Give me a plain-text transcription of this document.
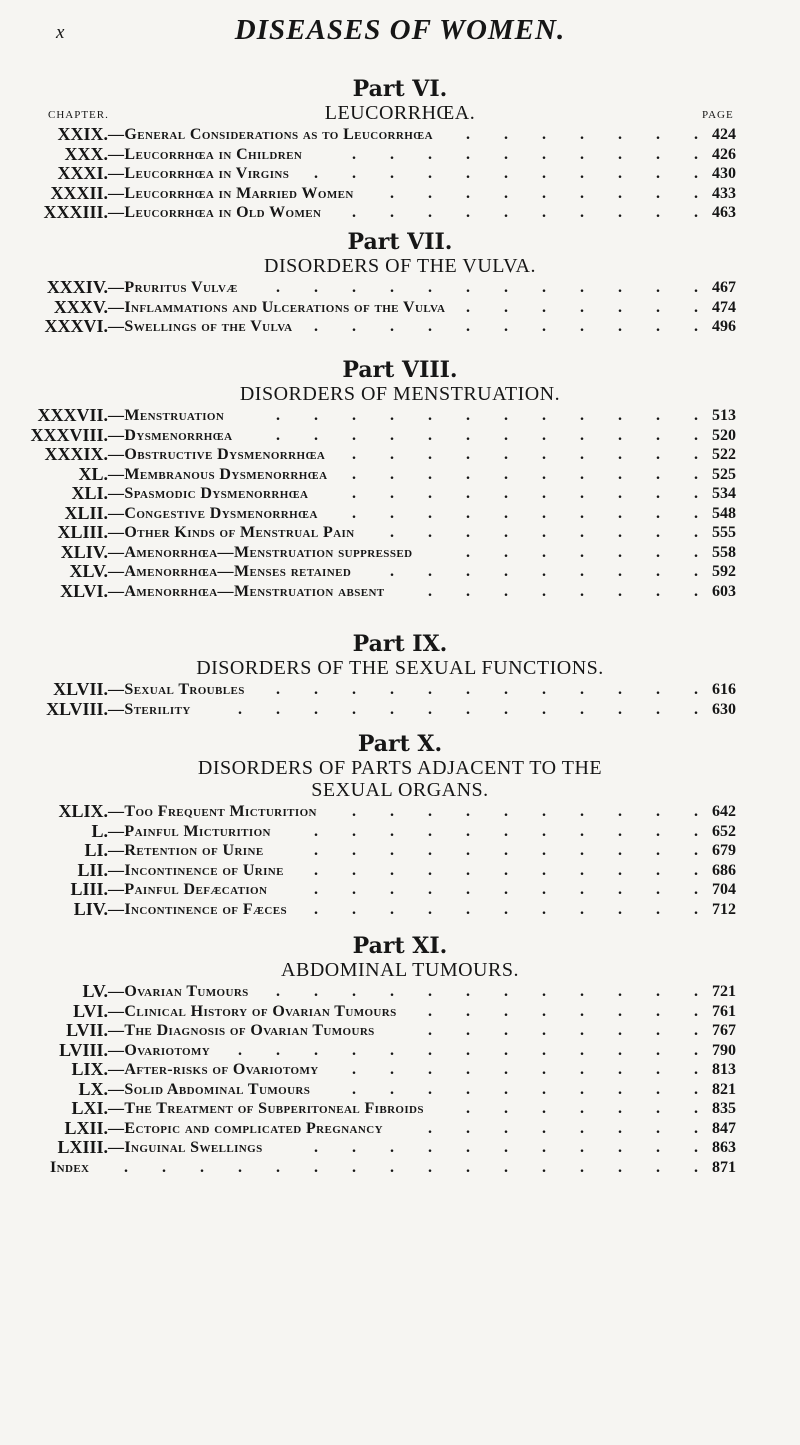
x	DISEASES OF WOMEN.
Part VI.
LEUCORRHŒA.
CHAPTER.	PAGE
XXIX. —General Considerations as to Leucorrhœa	424
. . . . . . .
XXX. —Leucorrhœa in Children	426
. . . . . . . . . .
XXXI. —Leucorrhœa in Virgins	430
. . . . . . . . . . .
XXXII. —Leucorrhœa in Married Women	433
. . . . . . . . .
XXXIII. —Leucorrhœa in Old Women	463
. . . . . . . . . .
Part VII.
DISORDERS OF THE VULVA.
XXXIV. —Pruritus Vulvæ	467
. . . . . . . . . . . .
XXXV. —Inflammations and Ulcerations of the Vulva	474
. . . . . . .
XXXVI. —Swellings of the Vulva	496
. . . . . . . . . . .
Part VIII.
DISORDERS OF MENSTRUATION.
XXXVII. —Menstruation	513
. . . . . . . . . . . .
XXXVIII. —Dysmenorrhœa	520
. . . . . . . . . . . .
XXXIX. —Obstructive Dysmenorrhœa	522
. . . . . . . . . .
XL. —Membranous Dysmenorrhœa	525
. . . . . . . . . .
XLI. —Spasmodic Dysmenorrhœa	534
. . . . . . . . . .
XLII. —Congestive Dysmenorrhœa	548
. . . . . . . . . .
XLIII. —Other Kinds of Menstrual Pain	555
. . . . . . . . .
XLIV. —Amenorrhœa—Menstruation suppressed	558
. . . . . . .
XLV. —Amenorrhœa—Menses retained	592
. . . . . . . . .
XLVI. —Amenorrhœa—Menstruation absent	603
. . . . . . . .
Part IX.
DISORDERS OF THE SEXUAL FUNCTIONS.
XLVII. —Sexual Troubles	616
. . . . . . . . . . . .
XLVIII. —Sterility	630
. . . . . . . . . . . . .
Part X.
DISORDERS OF PARTS ADJACENT TO THE
SEXUAL ORGANS.
XLIX. —Too Frequent Micturition	642
. . . . . . . . . .
L. —Painful Micturition	652
. . . . . . . . . . .
LI. —Retention of Urine	679
. . . . . . . . . . .
LII. —Incontinence of Urine	686
. . . . . . . . . . .
LIII. —Painful Defæcation	704
. . . . . . . . . . .
LIV. —Incontinence of Fæces	712
. . . . . . . . . . .
Part XI.
ABDOMINAL TUMOURS.
LV. —Ovarian Tumours	721
. . . . . . . . . . . .
LVI. —Clinical History of Ovarian Tumours	761
. . . . . . . .
LVII. —The Diagnosis of Ovarian Tumours	767
. . . . . . . .
LVIII. —Ovariotomy	790
. . . . . . . . . . . . .
LIX. —After-risks of Ovariotomy	813
. . . . . . . . . .
LX. —Solid Abdominal Tumours	821
. . . . . . . . . .
LXI. —The Treatment of Subperitoneal Fibroids	835
. . . . . . .
LXII. —Ectopic and complicated Pregnancy	847
. . . . . . . .
LXIII. —Inguinal Swellings	863
. . . . . . . . . . .
Index	871
. . . . . . . . . . . . . . . .
